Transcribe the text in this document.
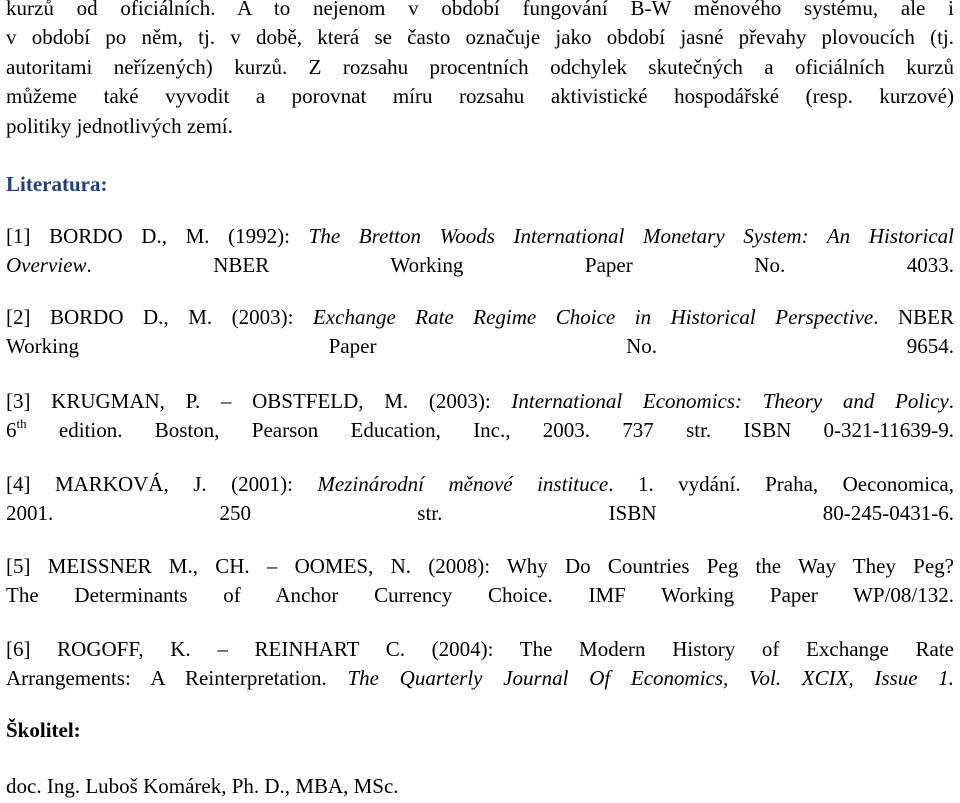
kurzů od oficiálních. A to nejenom v období fungování B-W měnového systému, ale i
v období po něm, tj. v době, která se často označuje jako období jasné převahy plovoucích (tj.
autoritami neřízených) kurzů. Z rozsahu procentních odchylek skutečných a oficiálních kurzů
můžeme také vyvodit a porovnat míru rozsahu aktivistické hospodářské (resp. kurzové)
politiky jednotlivých zemí.

Literatura:

[1] BORDO D., M. (1992): The Bretton Woods International Monetary System: An Historical
Overview. NBER Working Paper No. 4033.

[2] BORDO D., M. (2003): Exchange Rate Regime Choice in Historical Perspective. NBER
Working Paper No. 9654.

[3] KRUGMAN, P. – OBSTFELD, M. (2003): International Economics: Theory and Policy.
6th edition. Boston, Pearson Education, Inc., 2003. 737 str. ISBN 0-321-11639-9.

[4] MARKOVÁ, J. (2001): Mezinárodní měnové instituce. 1. vydání. Praha, Oeconomica,
2001. 250 str. ISBN 80-245-0431-6.

[5] MEISSNER M., CH. – OOMES, N. (2008): Why Do Countries Peg the Way They Peg?
The Determinants of Anchor Currency Choice. IMF Working Paper WP/08/132.

[6] ROGOFF, K. – REINHART C. (2004): The Modern History of Exchange Rate
Arrangements: A Reinterpretation. The Quarterly Journal Of Economics, Vol. XCIX, Issue 1.

Školitel:

doc. Ing. Luboš Komárek, Ph. D., MBA, MSc.
